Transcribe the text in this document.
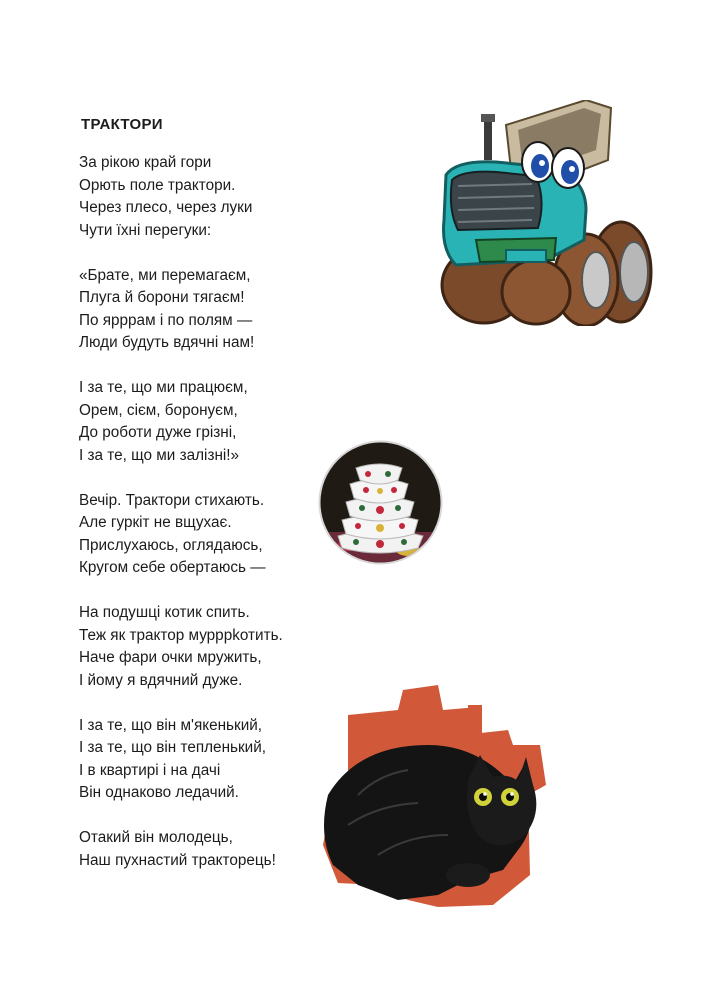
ТРАКТОРИ
За рікою край гори
Орють поле трактори.
Через плесо, через луки
Чути їхні перегуки:
«Брате, ми перемагаєм,
Плуга й борони тягаєм!
По ярррам і по полям —
Люди будуть вдячні нам!
І за те, що ми працюєм,
Орем, сієм, боронуєм,
До роботи дуже грізні,
І за те, що ми залізні!»
Вечір. Трактори стихають.
Але гуркіт не вщухає.
Прислухаюсь, оглядаюсь,
Кругом себе обертаюсь —
На подушці котик спить.
Теж як трактор мурррkотить.
Наче фари очки мружить,
І йому я вдячний дуже.
І за те, що він м'якенький,
І за те, що він тепленький,
І в квартирі і на дачі
Він однаково ледачий.
Отакий він молодець,
Наш пухнастий тракторець!
